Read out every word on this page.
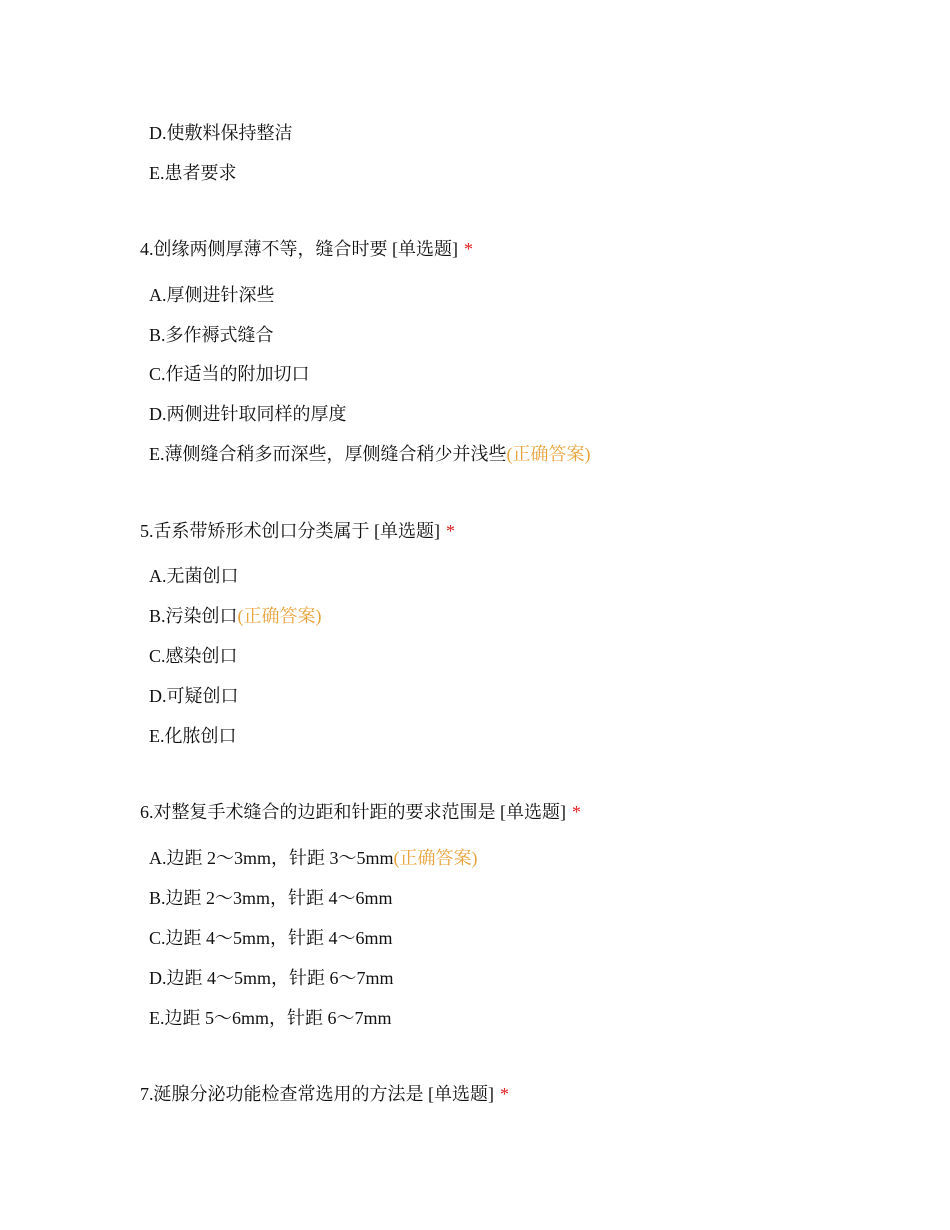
D.使敷料保持整洁
E.患者要求
4.创缘两侧厚薄不等，缝合时要 [单选题] *
A.厚侧进针深些
B.多作褥式缝合
C.作适当的附加切口
D.两侧进针取同样的厚度
E.薄侧缝合稍多而深些，厚侧缝合稍少并浅些(正确答案)
5.舌系带矫形术创口分类属于 [单选题] *
A.无菌创口
B.污染创口(正确答案)
C.感染创口
D.可疑创口
E.化脓创口
6.对整复手术缝合的边距和针距的要求范围是 [单选题] *
A.边距 2～3mm，针距 3～5mm(正确答案)
B.边距 2～3mm，针距 4～6mm
C.边距 4～5mm，针距 4～6mm
D.边距 4～5mm，针距 6～7mm
E.边距 5～6mm，针距 6～7mm
7.涎腺分泌功能检查常选用的方法是 [单选题] *
